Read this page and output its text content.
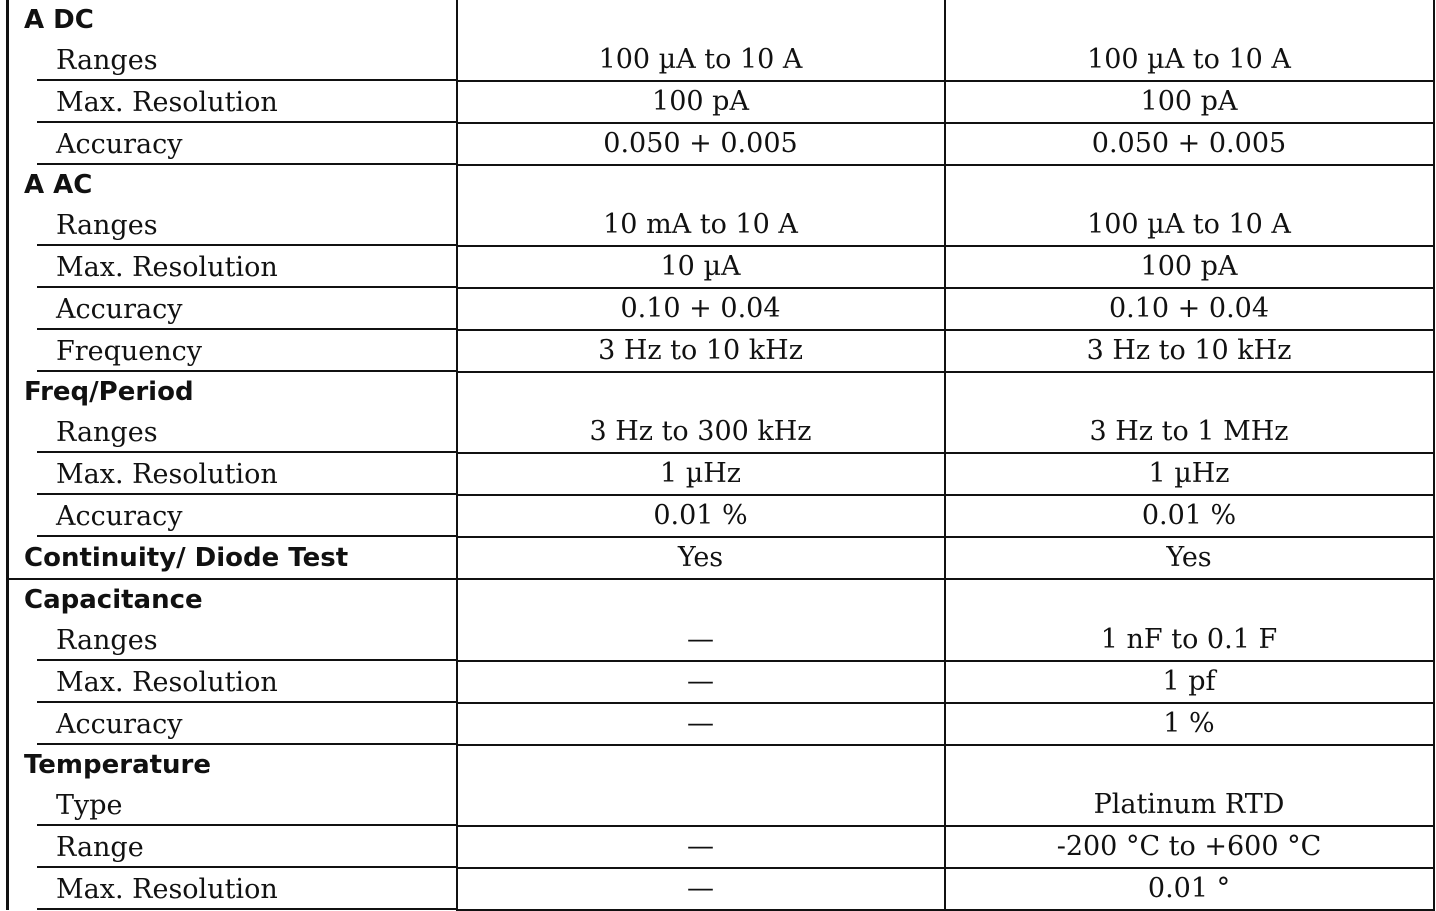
A DC		
Ranges	100 µA to 10 A	100 µA to 10 A
Max. Resolution	100 pA	100 pA
Accuracy	0.050 + 0.005	0.050 + 0.005
A AC		
Ranges	10 mA to 10 A	100 µA to 10 A
Max. Resolution	10 µA	100 pA
Accuracy	0.10 + 0.04	0.10 + 0.04
Frequency	3 Hz to 10 kHz	3 Hz to 10 kHz
Freq/Period		
Ranges	3 Hz to 300 kHz	3 Hz to 1 MHz
Max. Resolution	1 µHz	1 µHz
Accuracy	0.01 %	0.01 %
Continuity/ Diode Test	Yes	Yes
Capacitance		
Ranges	—	1 nF to 0.1 F
Max. Resolution	—	1 pf
Accuracy	—	1 %
Temperature		
Type		Platinum RTD
Range	—	-200 °C to +600 °C
Max. Resolution	—	0.01 °
